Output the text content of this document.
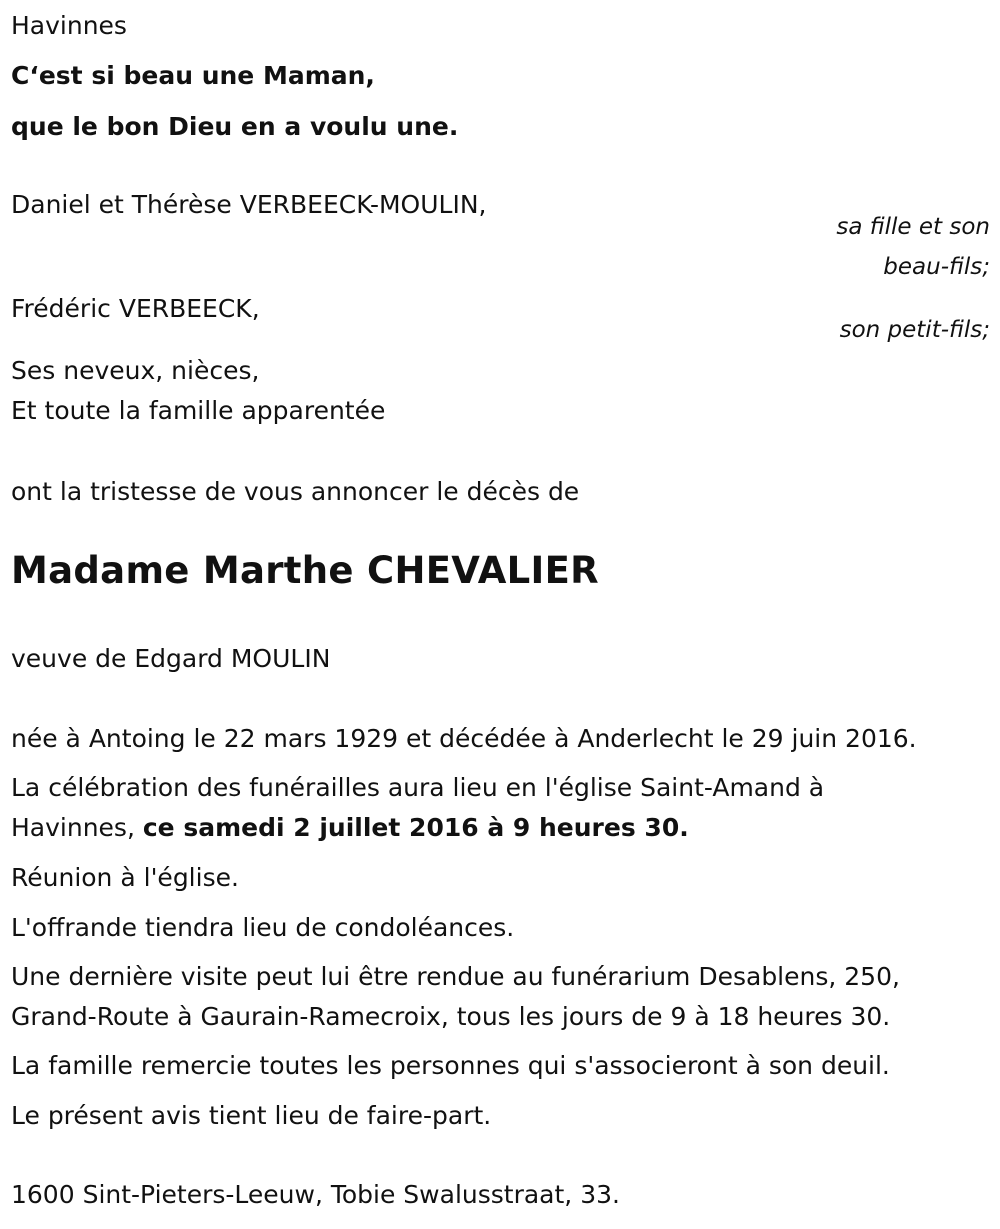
Havinnes
C‘est si beau une Maman,
que le bon Dieu en a voulu une.
Daniel et Thérèse VERBEECK-MOULIN,
sa fille et son
beau-fils;
Frédéric VERBEECK,
son petit-fils;
Ses neveux, nièces,
Et toute la famille apparentée
ont la tristesse de vous annoncer le décès de
Madame Marthe CHEVALIER
veuve de Edgard MOULIN
née à Antoing le 22 mars 1929 et décédée à Anderlecht le 29 juin 2016.
La célébration des funérailles aura lieu en l'église Saint-Amand à
Havinnes, ce samedi 2 juillet 2016 à 9 heures 30.
Réunion à l'église.
L'offrande tiendra lieu de condoléances.
Une dernière visite peut lui être rendue au funérarium Desablens, 250,
Grand-Route à Gaurain-Ramecroix, tous les jours de 9 à 18 heures 30.
La famille remercie toutes les personnes qui s'associeront à son deuil.
Le présent avis tient lieu de faire-part.
1600 Sint-Pieters-Leeuw, Tobie Swalusstraat, 33.
